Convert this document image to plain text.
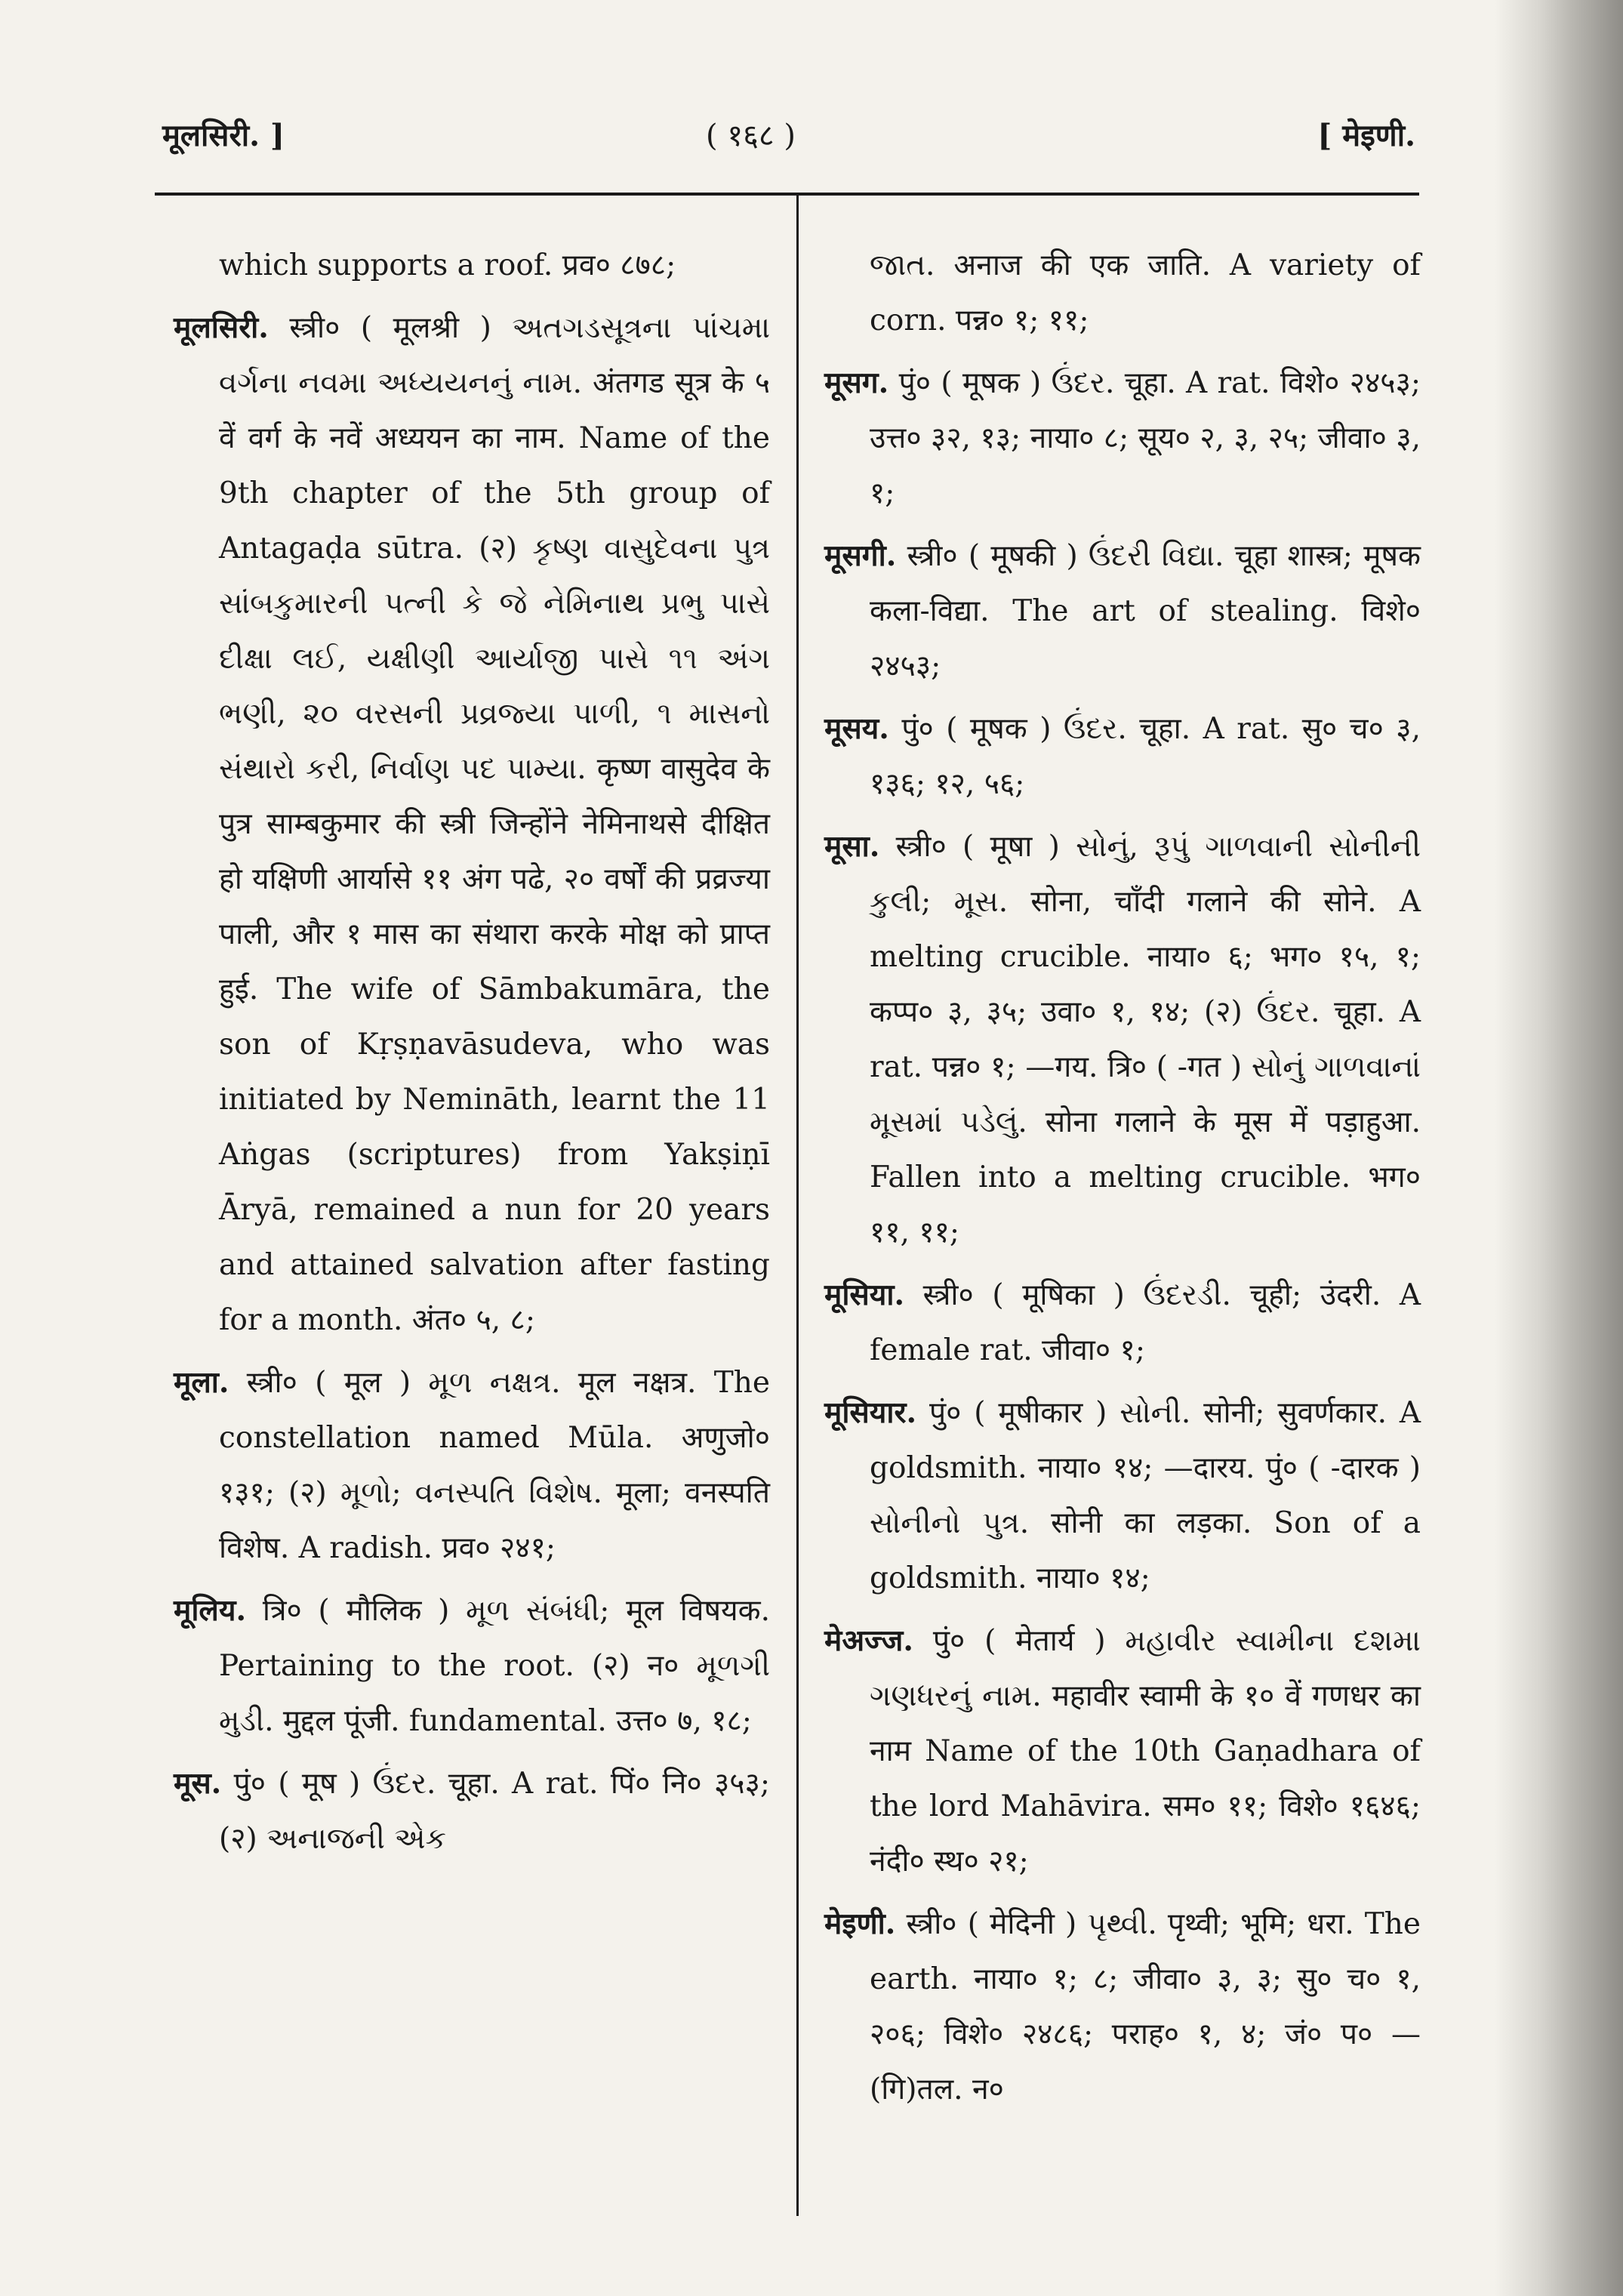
मूलसिरी. ]	( १६८ )	[ मेइणी.

which supports a roof. प्रव० ८७८;

मूलसिरी. स्त्री० ( मूलश्री ) અતગડસૂત્રના પાંચમા વર્ગના નવમા અધ્યયનનું નામ. अंतगड सूत्र के ५ वें वर्ग के नवें अध्ययन का नाम. Name of the 9th chapter of the 5th group of Antagaḍa sūtra. (२) કૃષ્ણ વાસુદેવના પુત્ર સાંબકુમારની પત્ની કે જે નેમિનાથ પ્રભુ પાસે દીક્ષા લઈ, યક્ષીણી આર્યાજી પાસે ૧૧ અંગ ભણી, ૨૦ વરસની પ્રવ્રજ્યા પાળી, ૧ માસનો સંથારો કરી, નિર્વાણ પદ પામ્યા. कृष्ण वासुदेव के पुत्र साम्बकुमार की स्त्री जिन्होंने नेमिनाथसे दीक्षित हो यक्षिणी आर्यासे ११ अंग पढे, २० वर्षों की प्रव्रज्या पाली, और १ मास का संथारा करके मोक्ष को प्राप्त हुई. The wife of Sāmbakumāra, the son of Kṛṣṇavāsudeva, who was initiated by Nemināth, learnt the 11 Aṅgas (scriptures) from Yakṣiṇī Āryā, remained a nun for 20 years and attained salvation after fasting for a month. अंत० ५, ८;

मूला. स्त्री० ( मूल ) મૂળ નક્ષત્ર. मूल नक्षत्र. The constellation named Mūla. अणुजो० १३१; (२) મૂળો; વનસ્પતિ વિશેષ. मूला; वनस्पति विशेष. A radish. प्रव० २४१;

मूलिय. त्रि० ( मौलिक ) મૂળ સંબંધી; मूल विषयक. Pertaining to the root. (२) न० મૂળગી મુડી. मुद्दल पूंजी. fundamental. उत्त० ७, १८;

मूस. पुं० ( मूष ) ઉંદર. चूहा. A rat. पिं० नि० ३५३; (२) અનાજની એક

જાત. अनाज की एक जाति. A variety of corn. पन्न० १; ११;

मूसग. पुं० ( मूषक ) ઉંદર. चूहा. A rat. विशे० २४५३; उत्त० ३२, १३; नाया० ८; सूय० २, ३, २५; जीवा० ३, १;

मूसगी. स्त्री० ( मूषकी ) ઉંદરી વિદ્યા. चूहा शास्त्र; मूषक कला-विद्या. The art of stealing. विशे० २४५३;

मूसय. पुं० ( मूषक ) ઉંદર. चूहा. A rat. सु० च० ३, १३६; १२, ५६;

मूसा. स्त्री० ( मूषा ) સોનું, રૂપું ગાળવાની સોનીની કુલી; મૂસ. सोना, चाँदी गलाने की सोने. A melting crucible. नाया० ६; भग० १५, १; कप्प० ३, ३५; उवा० १, १४; (२) ઉંદર. चूहा. A rat. पन्न० १; —गय. त्रि० ( -गत ) સોનું ગાળવાનાં મૂસમાં પડેલું. सोना गलाने के मूस में पड़ाहुआ. Fallen into a melting crucible. भग० ११, ११;

मूसिया. स्त्री० ( मूषिका ) ઉંદરડી. चूही; उंदरी. A female rat. जीवा० १;

मूसियार. पुं० ( मूषीकार ) સોની. सोनी; सुवर्णकार. A goldsmith. नाया० १४; —दारय. पुं० ( -दारक ) સોનીનો પુત્ર. सोनी का लड़का. Son of a goldsmith. नाया० १४;

मेअज्ज. पुं० ( मेतार्य ) મહાવીર સ્વામીના દશમા ગણધરનું નામ. महावीर स्वामी के १० वें गणधर का नाम Name of the 10th Gaṇadhara of the lord Mahāvira. सम० ११; विशे० १६४६; नंदी० स्थ० २१;

मेइणी. स्त्री० ( मेदिनी ) પૃથ્વી. पृथ्वी; भूमि; धरा. The earth. नाया० १; ८; जीवा० ३, ३; सु० च० १, २०६; विशे० २४८६; पराह० १, ४; जं० प० —(गि)तल. न०
